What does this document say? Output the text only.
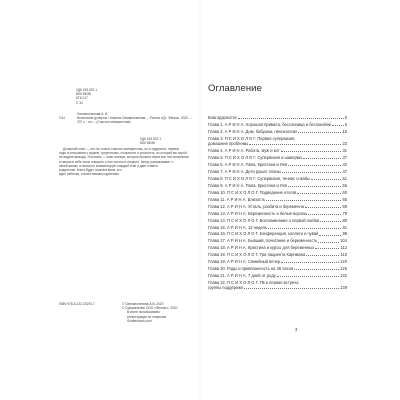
УДК 159.922.1
ББК 88.56
КТК 017
С 34
Свинаполенова А. В.
С34	Испытание дочерью / Анжела Свинаполенова. – Ростов н/Д : Феникс, 2020. –
237 с. : ил. – (Счастье материнства).
УДК 159.922.1
ББК 88.56
Дочерний опыт — это не только счастье материнства, но и трудности: первые
годы и отношения с мужем, треугольник, сложности и усталость, из которой вы порой
не видите выхода. Эта книга — опыт матери, которая прошла через все эти испытания
и нашла в себе силы говорить о них честно и открыто. Автор рассказывает о
своей жизни, а психолог комментирует каждый этап и дает советы
родителям. Книга будет полезна всем, кто
ждет ребенка, и всем нашим родителям.
ISBN 978-5-222-33193-7	© Свинаполенова А.В, 2020
© Оформление ООО «Феникс», 2020
В книге использованы
иллюстрации по лицензии
Shutterstock.com
Оглавление
Благодарности	5
Глава 1. А Р И Н А. Хорошая примета, бессонница и беспокойне	6
Глава 2. А Р И Н А. Дом, бабушка, гинекология	15
Глава 3. П С И Х О Л О Г. Первая супервизия,
домашние проблемы	23
Глава 4. А Р И Н А. Работа, муж и кот	31
Глава 5. П С И Х О Л О Г. Супервизия и шаверма	37
Глава 6. А Р И Н А. Папа, Кристина и Лев	42
Глава 7. А Р И Н А. Дети рушат планы	47
Глава 8. П С И Х О Л О Г. Супервизия, теннис и жабы	51
Глава 9. А Р И Н А. Папа, Кристина и Лев	56
Глава 10. П С И Х О Л О Г. Подведение итогов	60
Глава 11. А Р И Н А. Близость	65
Глава 12. А Р И Н А. Усталь, разбита и беременна	69
Глава 13. А Р И Н А. Беременность и белые вороны	78
Глава 14. П С И Х О Л О Г. Воспоминание о первой любви	80
Глава 15. А Р И Н А. 12 недель	91
Глава 16. П С И Х О Л О Г. Конференция, коллеги и чувай	98
Глава 17. А Р И Н А. Бывший, почитание и беременность	104
Глава 18. А Р И Н А. Кристина и курсы для беременных	112
Глава 19. П С И Х О Л О Г. Три пациента Карнмана	116
Глава 19. А Р И Н А. Семейный вечер	120
Глава 20. Роды и привязанность на 36 часов	126
Глава 21. А Р И Н А. 7 дней от роду	132
Глава 22. П С И Х О Л О Г. ГВ и первая встреча
группы поддержки	139
3
